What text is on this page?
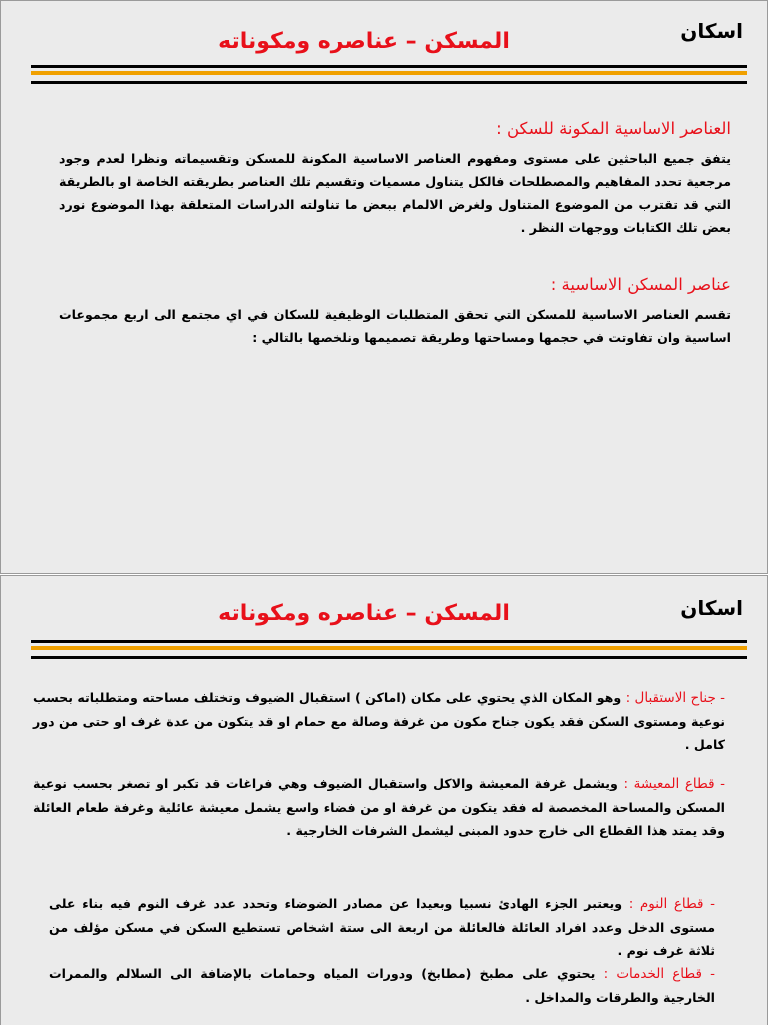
اسكان
المسكن – عناصره ومكوناته
العناصر الاساسية المكونة للسكن :
يتفق جميع الباحثين على مستوى ومفهوم العناصر الاساسية المكونة للمسكن وتقسيماته ونظرا لعدم وجود مرجعية تحدد المفاهيم والمصطلحات فالكل يتناول مسميات وتقسيم تلك العناصر بطريقته الخاصة او بالطريقة التي قد تقترب من الموضوع المتناول ولغرض الالمام ببعض ما تناولته الدراسات المتعلقة بهذا الموضوع نورد بعض تلك الكتابات ووجهات النظر .
عناصر المسكن الاساسية :
تقسم العناصر الاساسية للمسكن التي تحقق المتطلبات الوظيفية للسكان في اي مجتمع الى اربع مجموعات اساسية وان تفاوتت في حجمها ومساحتها وطريقة تصميمها ونلخصها بالتالي :
اسكان
المسكن – عناصره ومكوناته
- جناح الاستقبال : وهو المكان الذي يحتوي على مكان (اماكن ) استقبال الضيوف وتختلف مساحته ومتطلباته بحسب نوعية ومستوى السكن فقد يكون جناح مكون من غرفة وصالة مع حمام او قد يتكون من عدة غرف او حتى من دور كامل .
- قطاع المعيشة : ويشمل غرفة المعيشة والاكل واستقبال الضيوف وهي فراغات قد تكبر او تصغر بحسب نوعية المسكن والمساحة المخصصة له فقد يتكون من غرفة او من فضاء واسع يشمل معيشة عائلية وغرفة طعام العائلة وقد يمتد هذا القطاع الى خارج حدود المبنى ليشمل الشرفات الخارجية .
- قطاع النوم : ويعتبر الجزء الهادئ نسبيا وبعيدا عن مصادر الضوضاء وتحدد عدد غرف النوم فيه بناء على مستوى الدخل وعدد افراد العائلة فالعائلة من اربعة الى ستة اشخاص تستطيع السكن في مسكن مؤلف من ثلاثة غرف نوم .
- قطاع الخدمات : يحتوي على مطبخ (مطابخ) ودورات المياه وحمامات بالإضافة الى السلالم والممرات الخارجية والطرقات والمداخل .
